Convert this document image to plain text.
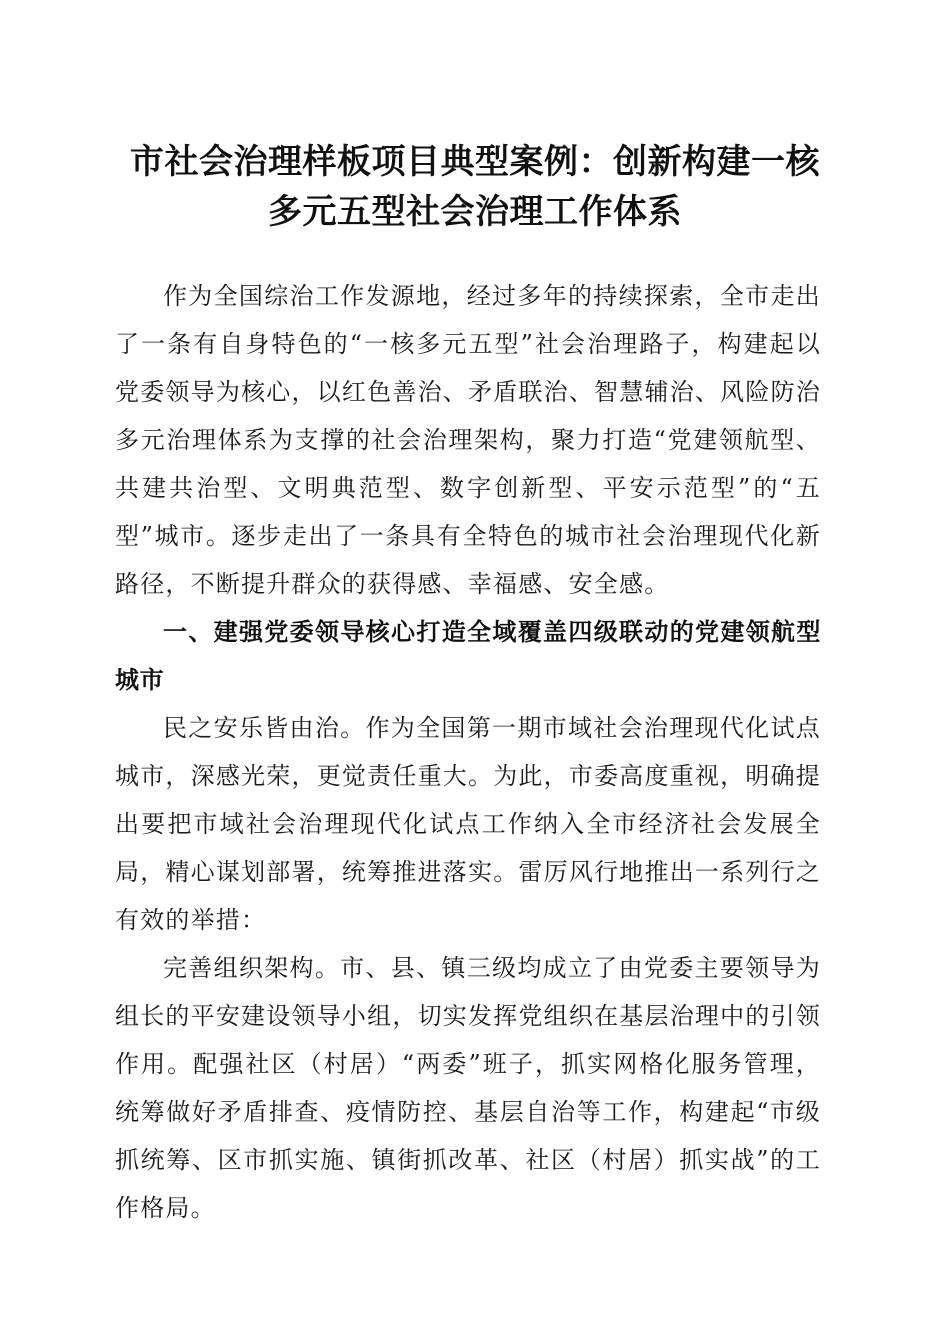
市社会治理样板项目典型案例：创新构建一核
多元五型社会治理工作体系

作为全国综治工作发源地，经过多年的持续探索，全市走出了一条有自身特色的“一核多元五型”社会治理路子，构建起以党委领导为核心，以红色善治、矛盾联治、智慧辅治、风险防治多元治理体系为支撑的社会治理架构，聚力打造“党建领航型、共建共治型、文明典范型、数字创新型、平安示范型”的“五型”城市。逐步走出了一条具有全特色的城市社会治理现代化新路径，不断提升群众的获得感、幸福感、安全感。

一、建强党委领导核心打造全域覆盖四级联动的党建领航型城市

民之安乐皆由治。作为全国第一期市域社会治理现代化试点城市，深感光荣，更觉责任重大。为此，市委高度重视，明确提出要把市域社会治理现代化试点工作纳入全市经济社会发展全局，精心谋划部署，统筹推进落实。雷厉风行地推出一系列行之有效的举措：

完善组织架构。市、县、镇三级均成立了由党委主要领导为组长的平安建设领导小组，切实发挥党组织在基层治理中的引领作用。配强社区（村居）“两委”班子，抓实网格化服务管理，统筹做好矛盾排查、疫情防控、基层自治等工作，构建起“市级抓统筹、区市抓实施、镇街抓改革、社区（村居）抓实战”的工作格局。
